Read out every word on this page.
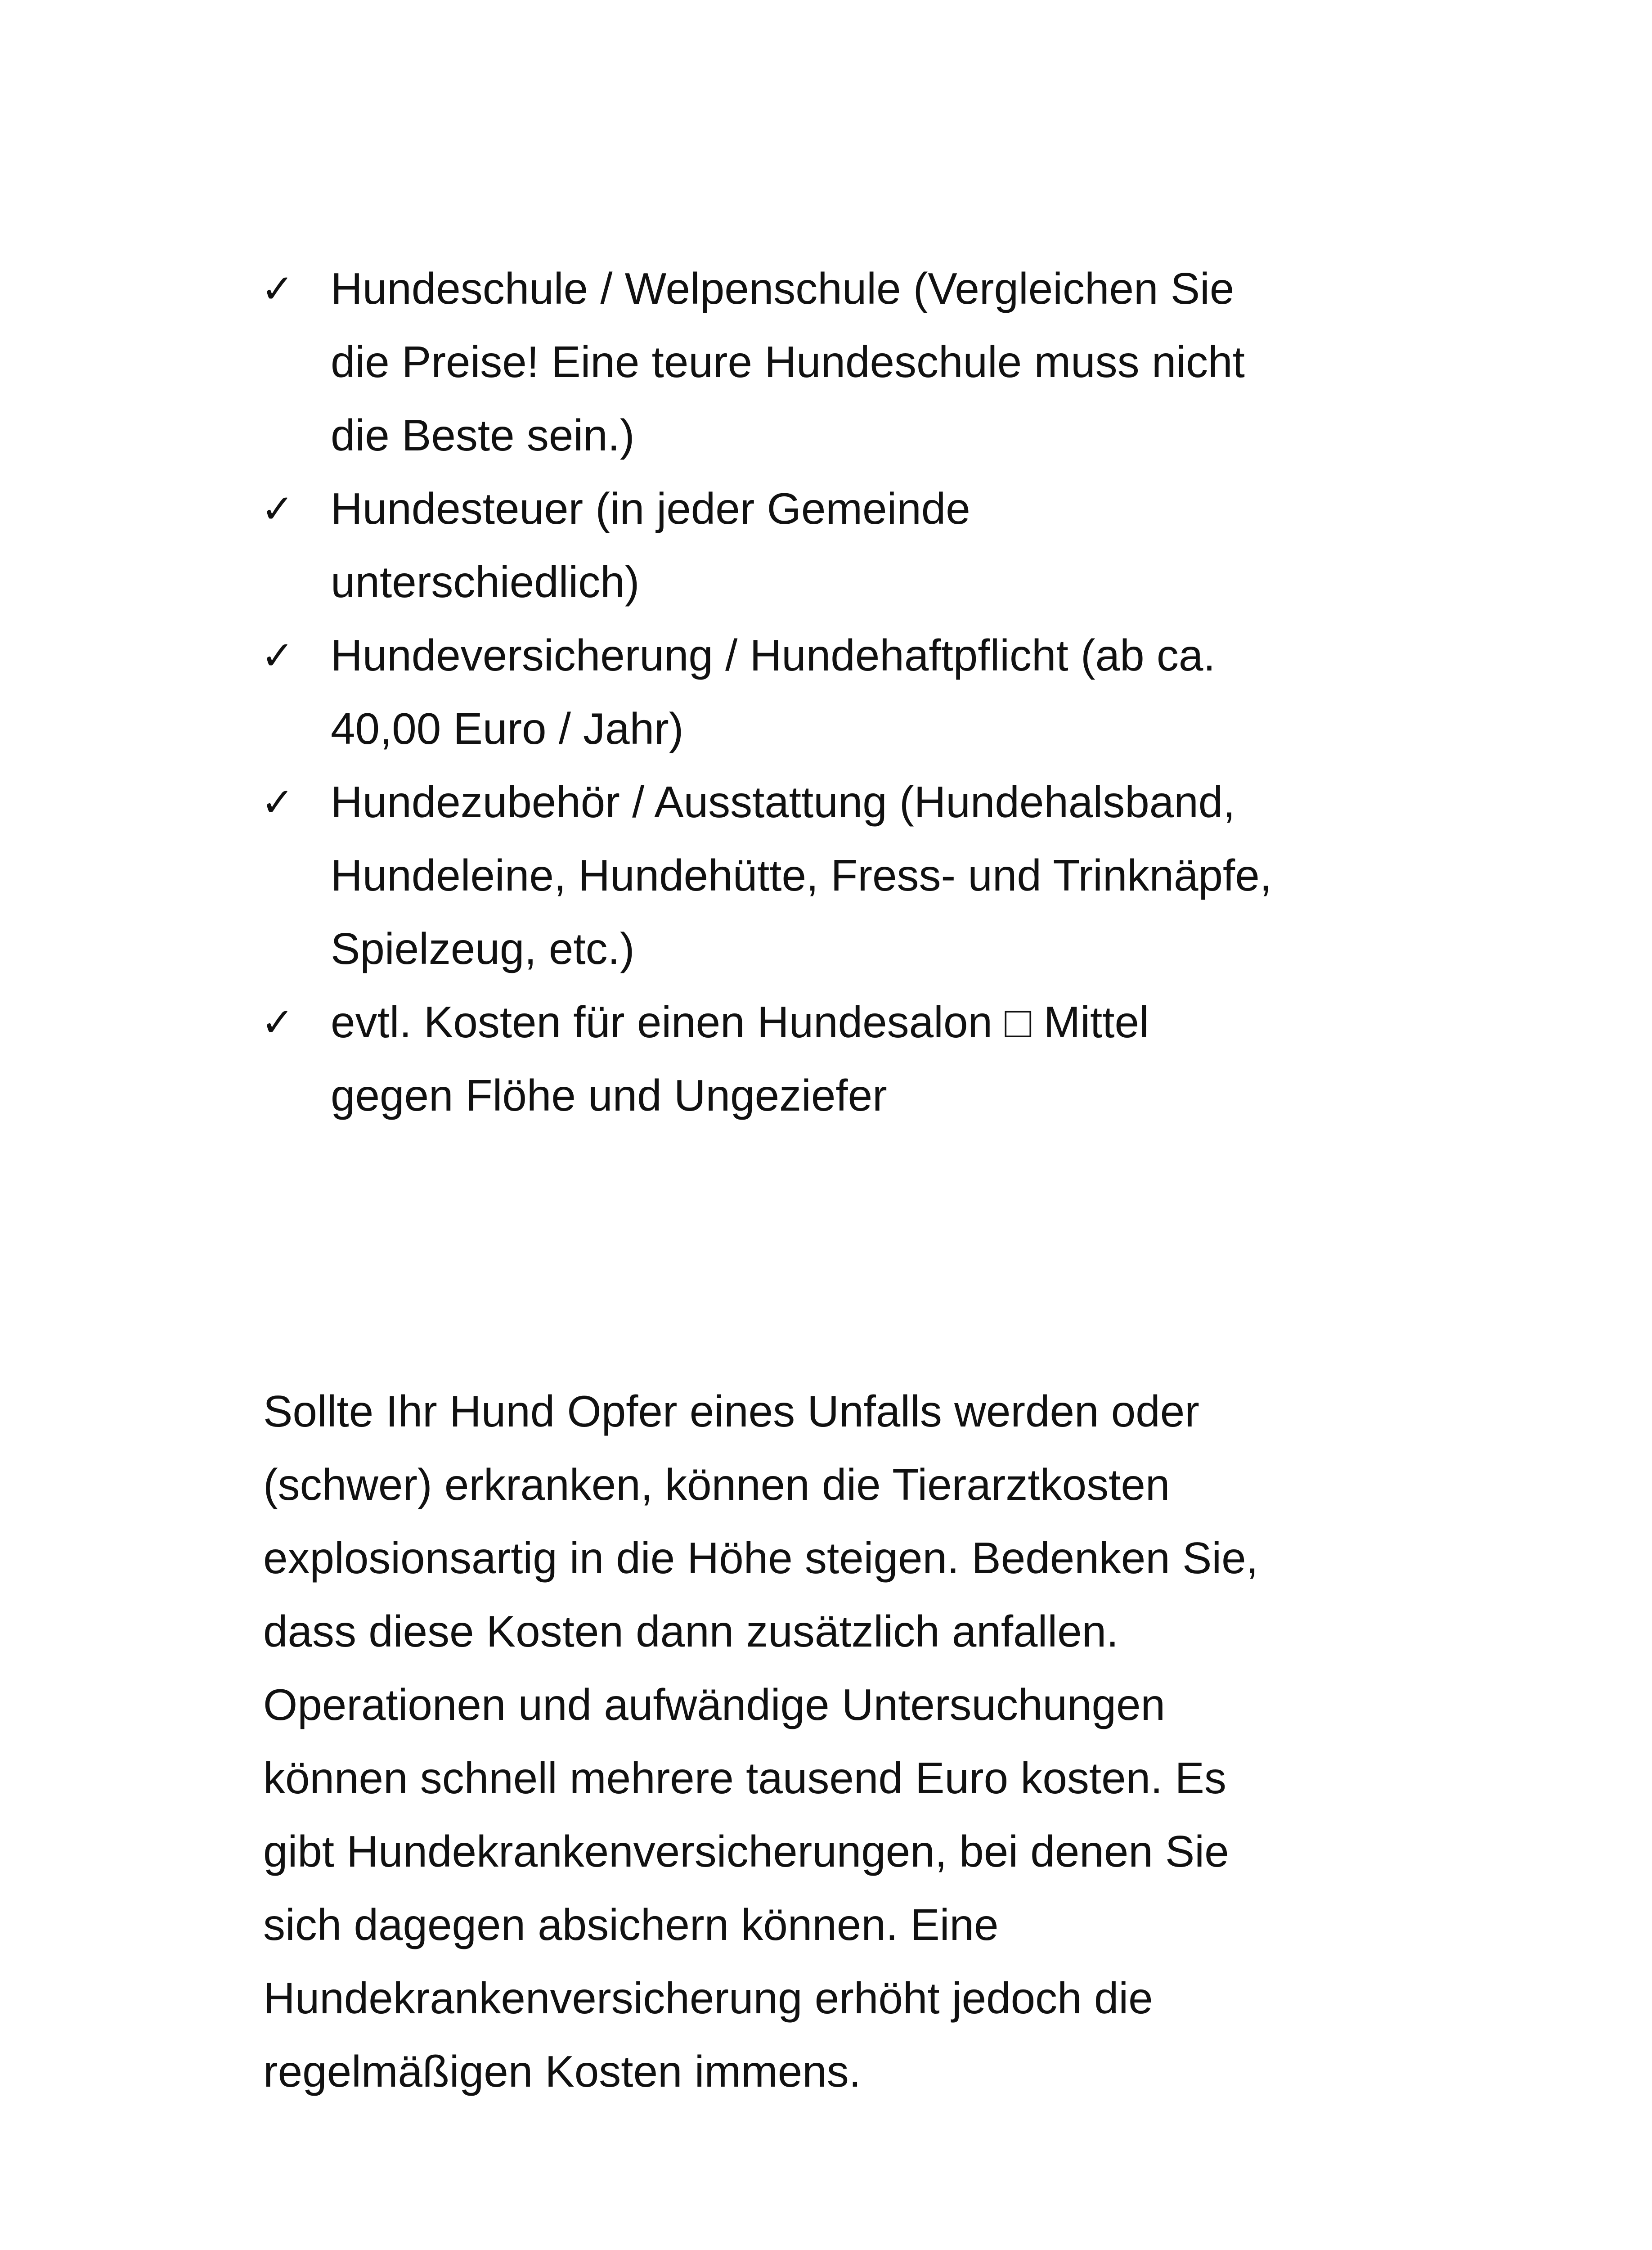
✓ Hundeschule / Welpenschule (Vergleichen Sie
die Preise! Eine teure Hundeschule muss nicht
die Beste sein.)
✓ Hundesteuer (in jeder Gemeinde
unterschiedlich)
✓ Hundeversicherung / Hundehaftpflicht (ab ca.
40,00 Euro / Jahr)
✓ Hundezubehör / Ausstattung (Hundehalsband,
Hundeleine, Hundehütte, Fress- und Trinknäpfe,
Spielzeug, etc.)
✓ evtl. Kosten für einen Hundesalon □ Mittel
gegen Flöhe und Ungeziefer

Sollte Ihr Hund Opfer eines Unfalls werden oder
(schwer) erkranken, können die Tierarztkosten
explosionsartig in die Höhe steigen. Bedenken Sie,
dass diese Kosten dann zusätzlich anfallen.
Operationen und aufwändige Untersuchungen
können schnell mehrere tausend Euro kosten. Es
gibt Hundekrankenversicherungen, bei denen Sie
sich dagegen absichern können. Eine
Hundekrankenversicherung erhöht jedoch die
regelmäßigen Kosten immens.
